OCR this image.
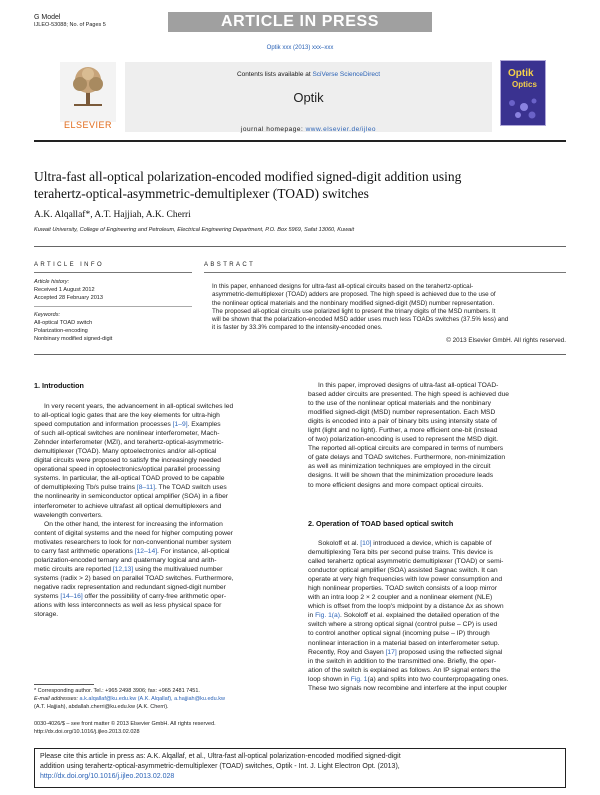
G Model
IJLEO-53088; No. of Pages 5	ARTICLE IN PRESS
Optik xxx (2013) xxx–xxx
ELSEVIER
Contents lists available at SciVerse ScienceDirect
Optik
journal homepage: www.elsevier.de/ijleo
Optik
Optics
Ultra-fast all-optical polarization-encoded modified signed-digit addition using
terahertz-optical-asymmetric-demultiplexer (TOAD) switches
A.K. Alqallaf*, A.T. Hajjiah, A.K. Cherri
Kuwait University, College of Engineering and Petroleum, Electrical Engineering Department, P.O. Box 5969, Safat 13060, Kuwait
ARTICLE INFO
Article history:
Received 1 August 2012
Accepted 28 February 2013
Keywords:
All-optical TOAD switch
Polarization-encoding
Nonbinary modified signed-digit
ABSTRACT
In this paper, enhanced designs for ultra-fast all-optical circuits based on the terahertz-optical-
asymmetric-demultiplexer (TOAD) adders are proposed. The high speed is achieved due to the use of
the nonlinear optical materials and the nonbinary modified signed-digit (MSD) number representation.
The proposed all-optical circuits use polarized light to present the trinary digits of the MSD numbers. It
will be shown that the polarization-encoded MSD adder uses much less TOADs switches (37.5% less) and
it is faster by 33.3% compared to the intensity-encoded ones.
© 2013 Elsevier GmbH. All rights reserved.
1. Introduction
In very recent years, the advancement in all-optical switches led
to all-optical logic gates that are the key elements for ultra-high
speed computation and information processes [1–9]. Examples
of such all-optical switches are nonlinear interferometer, Mach-
Zehnder interferometer (MZI), and terahertz-optical-asymmetric-
demultiplexer (TOAD). Many optoelectronics and/or all-optical
digital circuits were proposed to satisfy the increasingly needed
operational speed in optoelectronics/optical parallel processing
systems. In particular, the all-optical TOAD proved to be capable
of demultiplexing Tb/s pulse trains [8–11]. The TOAD switch uses
the nonlinearity in semiconductor optical amplifier (SOA) in a fiber
interferometer to achieve ultrafast all optical demultiplexers and
wavelength converters.
On the other hand, the interest for increasing the information
content of digital systems and the need for higher computing power
motivates researchers to look for non-conventional number system
to carry fast arithmetic operations [12–14]. For instance, all-optical
polarization-encoded ternary and quaternary logical and arith-
metic circuits are reported [12,13] using the multivalued number
systems (radix > 2) based on parallel TOAD switches. Furthermore,
negative radix representation and redundant signed-digit number
systems [14–16] offer the possibility of carry-free arithmetic oper-
ations with less interconnects as well as less physical space for
storage.
* Corresponding author. Tel.: +965 2498 3906; fax: +965 2481 7451.
E-mail addresses: a.k.alqallaf@ku.edu.kw (A.K. Alqallaf), a.hajjiah@ku.edu.kw
(A.T. Hajjiah), abdallah.cherri@ku.edu.kw (A.K. Cherri).
0030-4026/$ – see front matter © 2013 Elsevier GmbH. All rights reserved.
http://dx.doi.org/10.1016/j.ijleo.2013.02.028
In this paper, improved designs of ultra-fast all-optical TOAD-
based adder circuits are presented. The high speed is achieved due
to the use of the nonlinear optical materials and the nonbinary
modified signed-digit (MSD) number representation. Each MSD
digits is encoded into a pair of binary bits using intensity state of
light (light and no light). Further, a more efficient one-bit (instead
of two) polarization-encoding is used to represent the MSD digit.
The reported all-optical circuits are compared in terms of numbers
of gate delays and TOAD switches. Furthermore, non-minimization
as well as minimization techniques are employed in the circuit
designs. It will be shown that the minimization procedure leads
to more efficient designs and more compact optical circuits.
2. Operation of TOAD based optical switch
Sokoloff et al. [10] introduced a device, which is capable of
demultiplexing Tera bits per second pulse trains. This device is
called terahertz optical asymmetric demultiplexer (TOAD) or semi-
conductor optical amplifier (SOA) assisted Sagnac switch. It can
operate at very high frequencies with low power consumption and
high nonlinear properties. TOAD switch consists of a loop mirror
with an intra loop 2 × 2 coupler and a nonlinear element (NLE)
which is offset from the loop's midpoint by a distance Δx as shown
in Fig. 1(a). Sokoloff et al. explained the detailed operation of the
switch where a strong optical signal (control pulse – CP) is used
to control another optical signal (incoming pulse – IP) through
nonlinear interaction in a material based on interferometer setup.
Recently, Roy and Gayen [17] proposed using the reflected signal
in the switch in addition to the transmitted one. Briefly, the oper-
ation of the switch is explained as follows. An IP signal enters the
loop shown in Fig. 1(a) and splits into two counterpropagating ones.
These two signals now recombine and interfere at the input coupler
Please cite this article in press as: A.K. Alqallaf, et al., Ultra-fast all-optical polarization-encoded modified signed-digit
addition using terahertz-optical-asymmetric-demultiplexer (TOAD) switches, Optik - Int. J. Light Electron Opt. (2013),
http://dx.doi.org/10.1016/j.ijleo.2013.02.028
